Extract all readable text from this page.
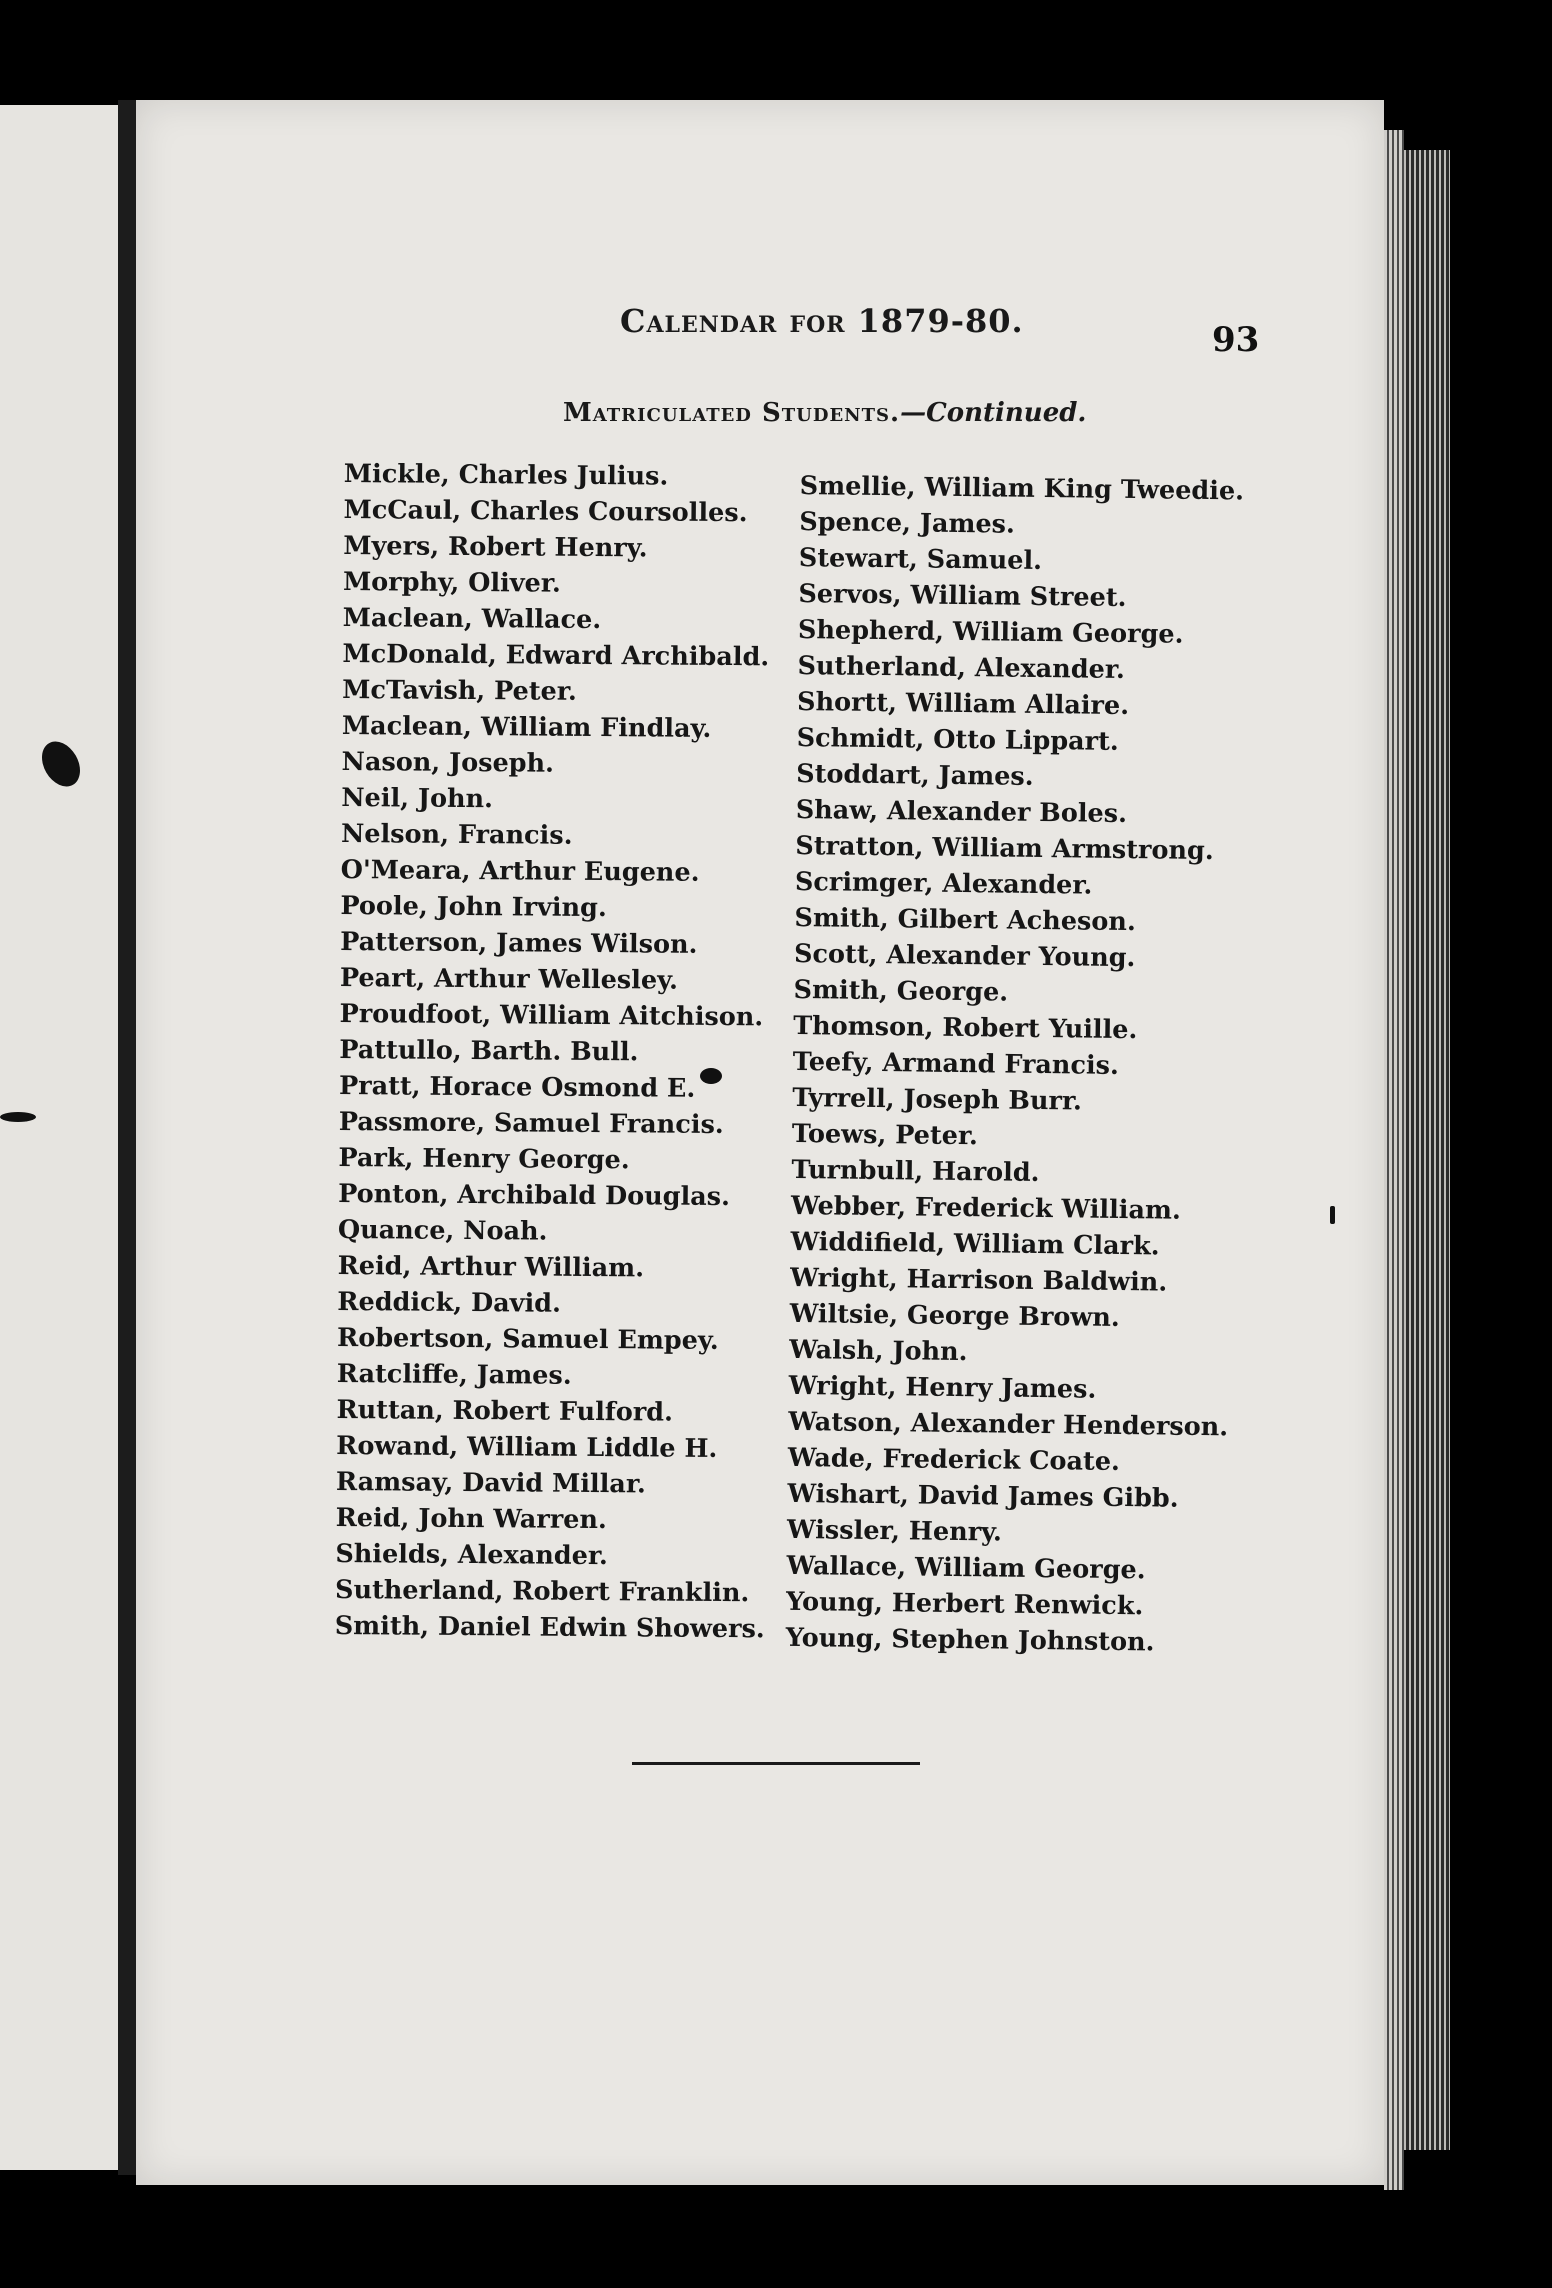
Calendar for 1879-80.	93
Matriculated Students.—Continued.
Mickle, Charles Julius.
McCaul, Charles Coursolles.
Myers, Robert Henry.
Morphy, Oliver.
Maclean, Wallace.
McDonald, Edward Archibald.
McTavish, Peter.
Maclean, William Findlay.
Nason, Joseph.
Neil, John.
Nelson, Francis.
O'Meara, Arthur Eugene.
Poole, John Irving.
Patterson, James Wilson.
Peart, Arthur Wellesley.
Proudfoot, William Aitchison.
Pattullo, Barth. Bull.
Pratt, Horace Osmond E.
Passmore, Samuel Francis.
Park, Henry George.
Ponton, Archibald Douglas.
Quance, Noah.
Reid, Arthur William.
Reddick, David.
Robertson, Samuel Empey.
Ratcliffe, James.
Ruttan, Robert Fulford.
Rowand, William Liddle H.
Ramsay, David Millar.
Reid, John Warren.
Shields, Alexander.
Sutherland, Robert Franklin.
Smith, Daniel Edwin Showers.
Smellie, William King Tweedie.
Spence, James.
Stewart, Samuel.
Servos, William Street.
Shepherd, William George.
Sutherland, Alexander.
Shortt, William Allaire.
Schmidt, Otto Lippart.
Stoddart, James.
Shaw, Alexander Boles.
Stratton, William Armstrong.
Scrimger, Alexander.
Smith, Gilbert Acheson.
Scott, Alexander Young.
Smith, George.
Thomson, Robert Yuille.
Teefy, Armand Francis.
Tyrrell, Joseph Burr.
Toews, Peter.
Turnbull, Harold.
Webber, Frederick William.
Widdifield, William Clark.
Wright, Harrison Baldwin.
Wiltsie, George Brown.
Walsh, John.
Wright, Henry James.
Watson, Alexander Henderson.
Wade, Frederick Coate.
Wishart, David James Gibb.
Wissler, Henry.
Wallace, William George.
Young, Herbert Renwick.
Young, Stephen Johnston.
